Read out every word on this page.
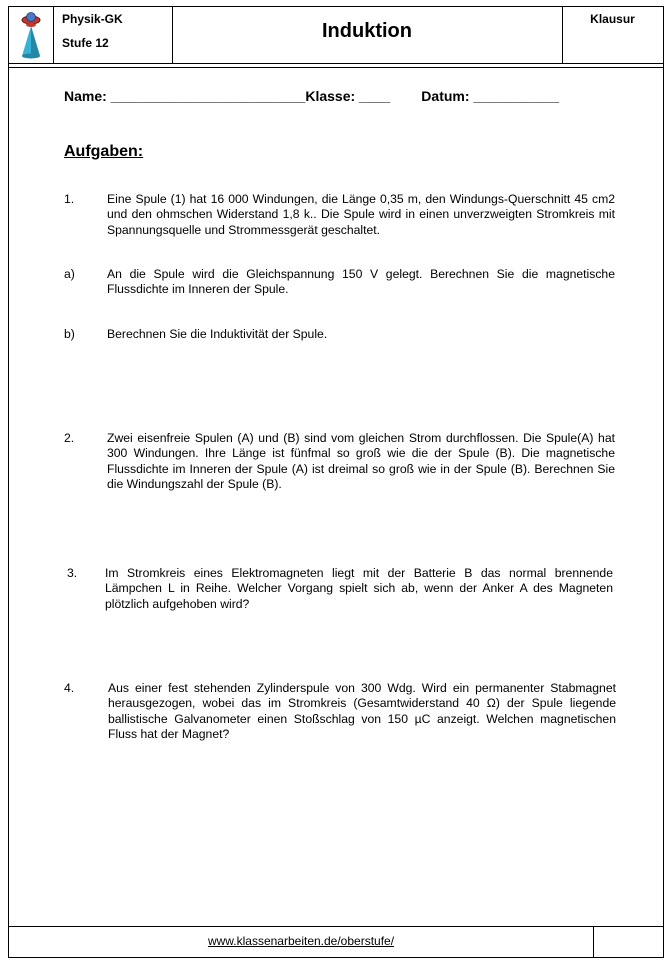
Physik-GK
Stufe 12
Induktion
Klausur
Name: _________________________Klasse: ____        Datum: ___________
Aufgaben:
1.	Eine Spule (1) hat 16 000 Windungen, die Länge 0,35 m, den Windungs-Querschnitt 45 cm2 und den ohmschen Widerstand 1,8 k.. Die Spule wird in einen unverzweigten Stromkreis mit Spannungsquelle und Strommessgerät geschaltet.
a)	An die Spule wird die Gleichspannung 150 V gelegt. Berechnen Sie die magnetische Flussdichte im Inneren der Spule.
b)	Berechnen Sie die Induktivität der Spule.
2.	Zwei eisenfreie Spulen (A) und (B) sind vom gleichen Strom durchflossen. Die Spule(A) hat 300 Windungen. Ihre Länge ist fünfmal so groß wie die der Spule (B). Die magnetische Flussdichte im Inneren der Spule (A) ist dreimal so groß wie in der Spule (B). Berechnen Sie die Windungszahl der Spule (B).
3. Im Stromkreis eines Elektromagneten liegt mit der Batterie B das normal brennende Lämpchen L in Reihe. Welcher Vorgang spielt sich ab, wenn der Anker A des Magneten plötzlich aufgehoben wird?
4.	Aus einer fest stehenden Zylinderspule von 300 Wdg. Wird ein permanenter Stabmagnet herausgezogen, wobei das im Stromkreis (Gesamtwiderstand 40 Ω) der Spule liegende ballistische Galvanometer einen Stoßschlag von 150 µC anzeigt. Welchen magnetischen Fluss hat der Magnet?
www.klassenarbeiten.de/oberstufe/
